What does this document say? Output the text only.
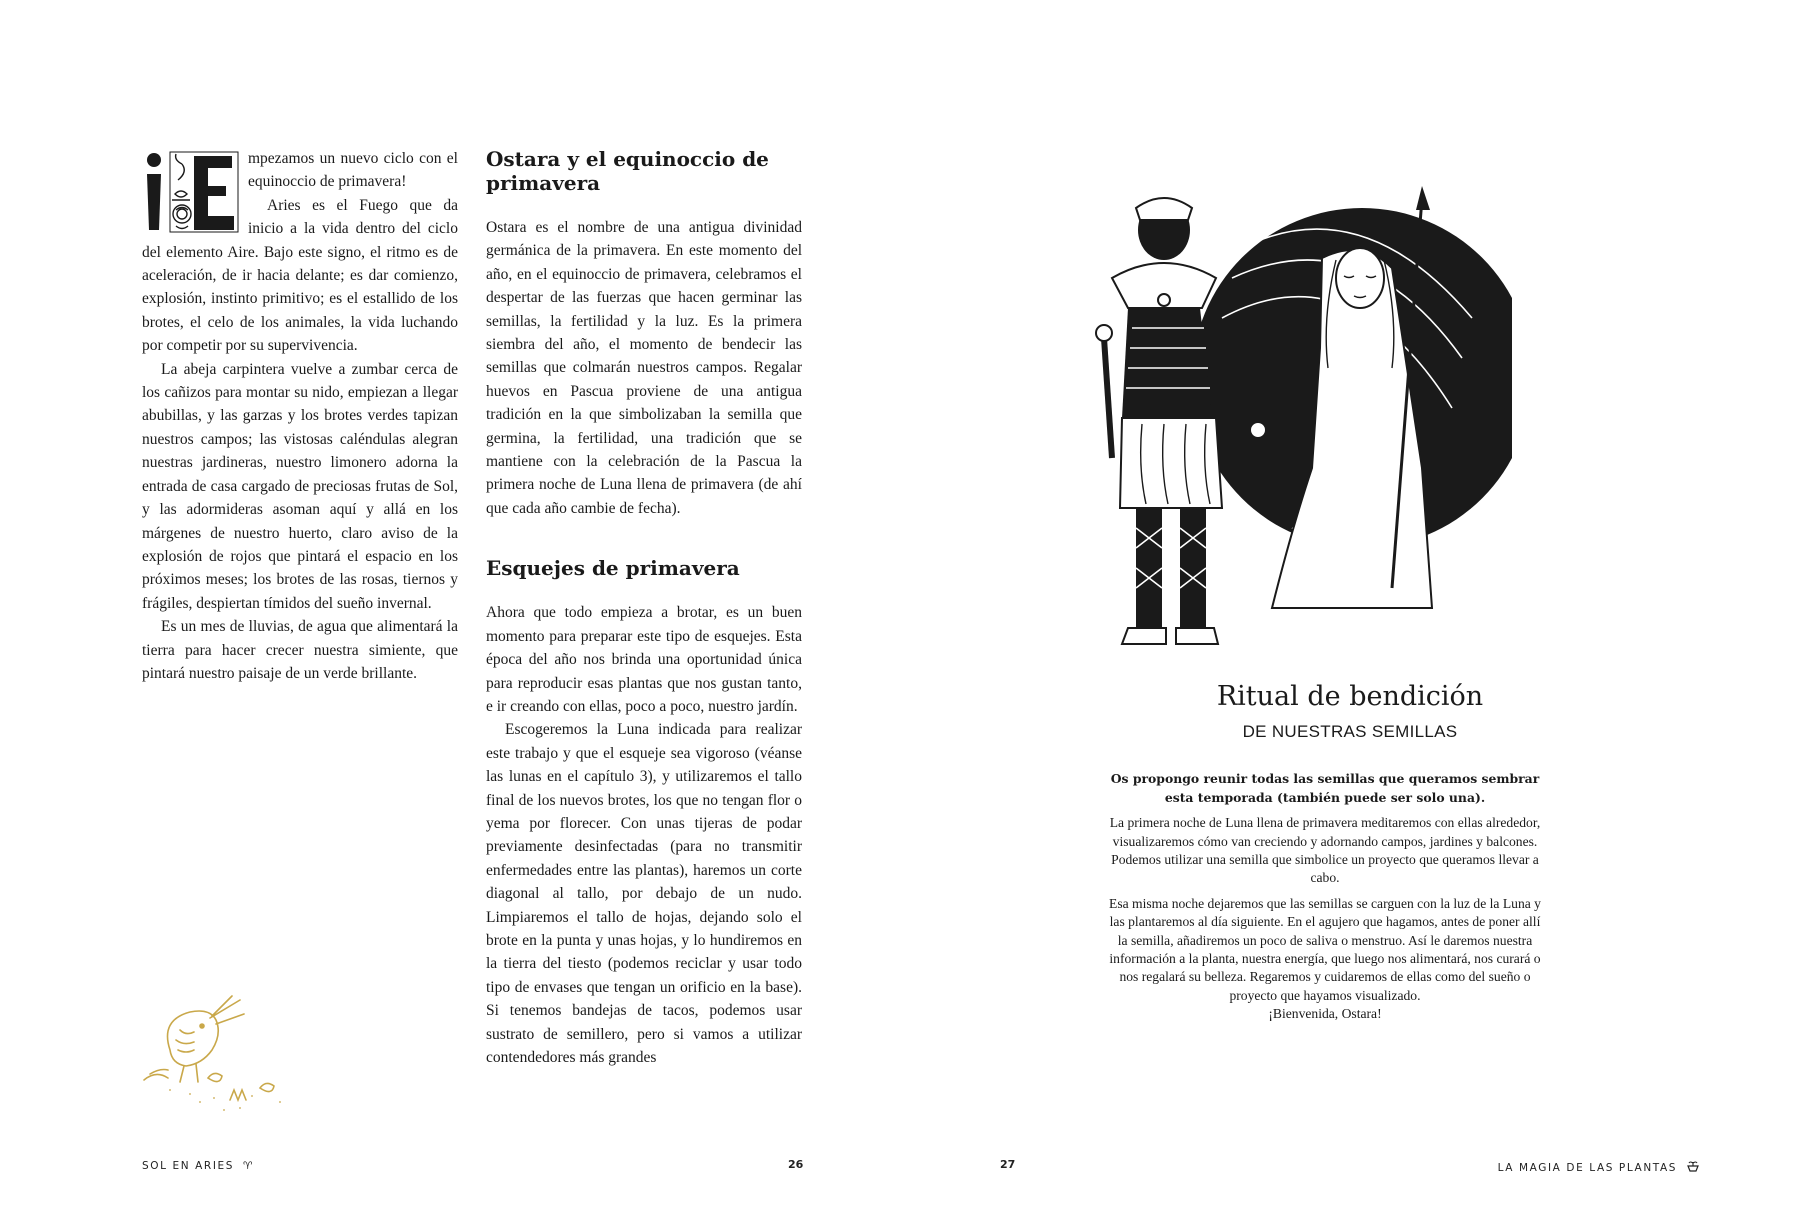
mpezamos un nuevo ciclo con el equinoccio de primavera!

Aries es el Fuego que da inicio a la vida dentro del ciclo del elemento Aire. Bajo este signo, el ritmo es de aceleración, de ir hacia delante; es dar comienzo, explosión, instinto primitivo; es el estallido de los brotes, el celo de los animales, la vida luchando por competir por su supervivencia.

La abeja carpintera vuelve a zumbar cerca de los cañizos para montar su nido, empiezan a llegar abubillas, y las garzas y los brotes verdes tapizan nuestros campos; las vistosas caléndulas alegran nuestras jardineras, nuestro limonero adorna la entrada de casa cargado de preciosas frutas de Sol, y las adormideras asoman aquí y allá en los márgenes de nuestro huerto, claro aviso de la explosión de rojos que pintará el espacio en los próximos meses; los brotes de las rosas, tiernos y frágiles, despiertan tímidos del sueño invernal.

Es un mes de lluvias, de agua que alimentará la tierra para hacer crecer nuestra simiente, que pintará nuestro paisaje de un verde brillante.

Ostara y el equinoccio de primavera

Ostara es el nombre de una antigua divinidad germánica de la primavera. En este momento del año, en el equinoccio de primavera, celebramos el despertar de las fuerzas que hacen germinar las semillas, la fertilidad y la luz. Es la primera siembra del año, el momento de bendecir las semillas que colmarán nuestros campos. Regalar huevos en Pascua proviene de una antigua tradición en la que simbolizaban la semilla que germina, la fertilidad, una tradición que se mantiene con la celebración de la Pascua la primera noche de Luna llena de primavera (de ahí que cada año cambie de fecha).

Esquejes de primavera

Ahora que todo empieza a brotar, es un buen momento para preparar este tipo de esquejes. Esta época del año nos brinda una oportunidad única para reproducir esas plantas que nos gustan tanto, e ir creando con ellas, poco a poco, nuestro jardín.

Escogeremos la Luna indicada para realizar este trabajo y que el esqueje sea vigoroso (véanse las lunas en el capítulo 3), y utilizaremos el tallo final de los nuevos brotes, los que no tengan flor o yema por florecer. Con unas tijeras de podar previamente desinfectadas (para no transmitir enfermedades entre las plantas), haremos un corte diagonal al tallo, por debajo de un nudo. Limpiaremos el tallo de hojas, dejando solo el brote en la punta y unas hojas, y lo hundiremos en la tierra del tiesto (podemos reciclar y usar todo tipo de envases que tengan un orificio en la base). Si tenemos bandejas de tacos, podemos usar sustrato de semillero, pero si vamos a utilizar contendedores más grandes

SOL EN ARIES ♈	26	27
Ritual de bendición
DE NUESTRAS SEMILLAS

Os propongo reunir todas las semillas que queramos sembrar esta temporada (también puede ser solo una).

La primera noche de Luna llena de primavera meditaremos con ellas alrededor, visualizaremos cómo van creciendo y adornando campos, jardines y balcones. Podemos utilizar una semilla que simbolice un proyecto que queramos llevar a cabo.

Esa misma noche dejaremos que las semillas se carguen con la luz de la Luna y las plantaremos al día siguiente. En el agujero que hagamos, antes de poner allí la semilla, añadiremos un poco de saliva o menstruo. Así le daremos nuestra información a la planta, nuestra energía, que luego nos alimentará, nos curará o nos regalará su belleza. Regaremos y cuidaremos de ellas como del sueño o proyecto que hayamos visualizado.

¡Bienvenida, Ostara!

LA MAGIA DE LAS PLANTAS
